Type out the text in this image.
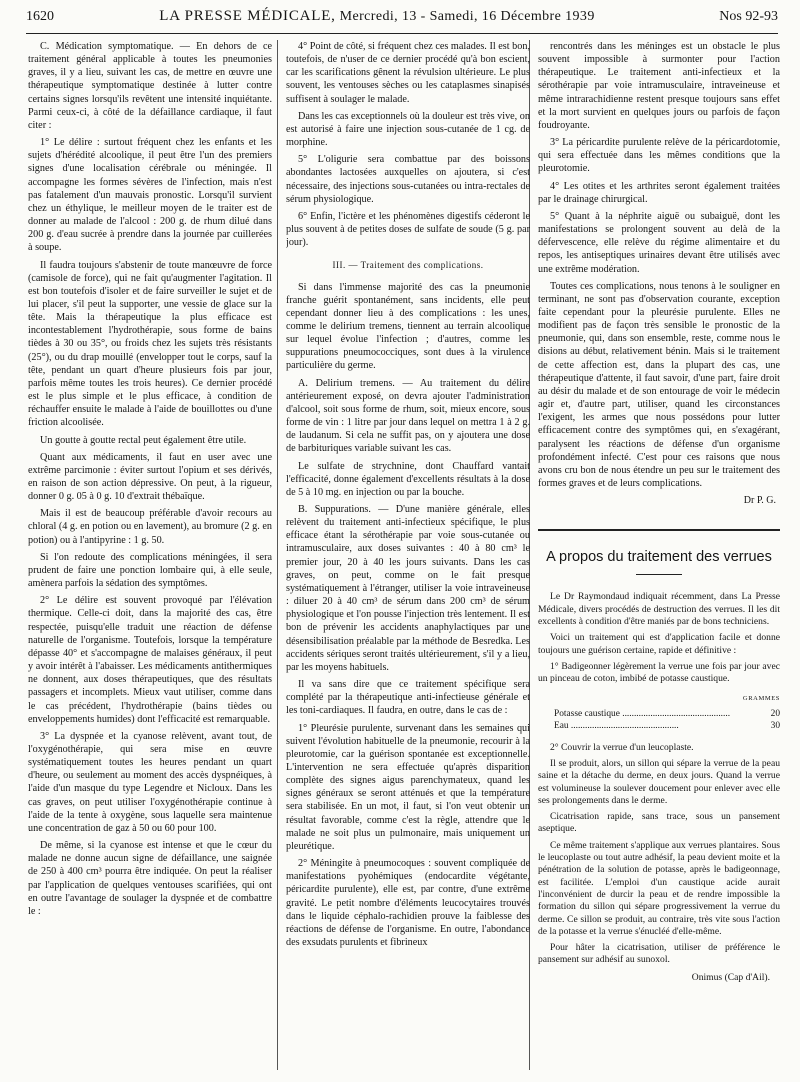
1620	LA PRESSE MÉDICALE, Mercredi, 13 - Samedi, 16 Décembre 1939	Nos 92-93

C. Médication symptomatique. — En dehors de ce traitement général applicable à toutes les pneumonies graves, il y a lieu, suivant les cas, de mettre en œuvre une thérapeutique symptomatique destinée à lutter contre certains signes lorsqu'ils revêtent une intensité inquiétante. Parmi ceux-ci, à côté de la défaillance cardiaque, il faut citer :

1° Le délire : surtout fréquent chez les enfants et les sujets d'hérédité alcoolique, il peut être l'un des premiers signes d'une localisation cérébrale ou méningée. Il accompagne les formes sévères de l'infection, mais n'est pas fatalement d'un mauvais pronostic. Lorsqu'il survient chez un éthylique, le meilleur moyen de le traiter est de donner au malade de l'alcool : 200 g. de rhum dilué dans 200 g. d'eau sucrée à prendre dans la journée par cuillerées à soupe.

Il faudra toujours s'abstenir de toute manœuvre de force (camisole de force), qui ne fait qu'augmenter l'agitation. Il est bon toutefois d'isoler et de faire surveiller le sujet et de lui placer, s'il peut la supporter, une vessie de glace sur la tête. Mais la thérapeutique la plus efficace est incontestablement l'hydrothérapie, sous forme de bains tièdes à 30 ou 35°, ou froids chez les sujets très résistants (25°), ou du drap mouillé (envelopper tout le corps, sauf la tête, pendant un quart d'heure plusieurs fois par jour, parfois même toutes les trois heures). Ce dernier procédé est le plus simple et le plus efficace, à condition de réchauffer ensuite le malade à l'aide de bouillottes ou d'une friction alcoolisée.

Un goutte à goutte rectal peut également être utile.

Quant aux médicaments, il faut en user avec une extrême parcimonie : éviter surtout l'opium et ses dérivés, en raison de son action dépressive. On peut, à la rigueur, donner 0 g. 05 à 0 g. 10 d'extrait thébaïque.

Mais il est de beaucoup préférable d'avoir recours au chloral (4 g. en potion ou en lavement), au bromure (2 g. en potion) ou à l'antipyrine : 1 g. 50.

Si l'on redoute des complications méningées, il sera prudent de faire une ponction lombaire qui, à elle seule, amènera parfois la sédation des symptômes.

2° Le délire est souvent provoqué par l'élévation thermique. Celle-ci doit, dans la majorité des cas, être respectée, puisqu'elle traduit une réaction de défense naturelle de l'organisme. Toutefois, lorsque la température dépasse 40° et s'accompagne de malaises généraux, il peut y avoir intérêt à l'abaisser. Les médicaments antithermiques ne donnent, aux doses thérapeutiques, que des résultats passagers et incomplets. Mieux vaut utiliser, comme dans le cas précédent, l'hydrothérapie (bains tièdes ou enveloppements humides) dont l'efficacité est remarquable.

3° La dyspnée et la cyanose relèvent, avant tout, de l'oxygénothérapie, qui sera mise en œuvre systématiquement toutes les heures pendant un quart d'heure, ou seulement au moment des accès dyspnéiques, à l'aide d'un masque du type Legendre et Nicloux. Dans les cas graves, on peut utiliser l'oxygénothérapie continue à l'aide de la tente à oxygène, sous laquelle sera maintenue une concentration de gaz à 50 ou 60 pour 100.

De même, si la cyanose est intense et que le cœur du malade ne donne aucun signe de défaillance, une saignée de 250 à 400 cm³ pourra être indiquée. On peut la réaliser par l'application de quelques ventouses scarifiées, qui ont en outre l'avantage de soulager la dyspnée et de combattre le :

4° Point de côté, si fréquent chez ces malades. Il est bon, toutefois, de n'user de ce dernier procédé qu'à bon escient, car les scarifications gênent la révulsion ultérieure. Le plus souvent, les ventouses sèches ou les cataplasmes sinapisés suffisent à soulager le malade.

Dans les cas exceptionnels où la douleur est très vive, on est autorisé à faire une injection sous-cutanée de 1 cg. de morphine.

5° L'oligurie sera combattue par des boissons abondantes lactosées auxquelles on ajoutera, si c'est nécessaire, des injections sous-cutanées ou intra-rectales de sérum physiologique.

6° Enfin, l'ictère et les phénomènes digestifs céderont le plus souvent à de petites doses de sulfate de soude (5 g. par jour).

III. — Traitement des complications.

Si dans l'immense majorité des cas la pneumonie franche guérit spontanément, sans incidents, elle peut cependant donner lieu à des complications : les unes, comme le delirium tremens, tiennent au terrain alcoolique sur lequel évolue l'infection ; d'autres, comme les suppurations pneumococciques, sont dues à la virulence particulière du germe.

A. Delirium tremens. — Au traitement du délire antérieurement exposé, on devra ajouter l'administration d'alcool, soit sous forme de rhum, soit, mieux encore, sous forme de vin : 1 litre par jour dans lequel on mettra 1 à 2 g. de laudanum. Si cela ne suffit pas, on y ajoutera une dose de barbituriques variable suivant les cas.

Le sulfate de strychnine, dont Chauffard vantait l'efficacité, donne également d'excellents résultats à la dose de 5 à 10 mg. en injection ou par la bouche.

B. Suppurations. — D'une manière générale, elles relèvent du traitement anti-infectieux spécifique, le plus efficace étant la sérothérapie par voie sous-cutanée ou intramusculaire, aux doses suivantes : 40 à 80 cm³ le premier jour, 20 à 40 les jours suivants. Dans les cas graves, on peut, comme on le fait presque systématiquement à l'étranger, utiliser la voie intraveineuse : diluer 20 à 40 cm³ de sérum dans 200 cm³ de sérum physiologique et l'on pousse l'injection très lentement. Il est bon de prévenir les accidents anaphylactiques par une désensibilisation préalable par la méthode de Besredka. Les accidents sériques seront traités ultérieurement, s'il y a lieu, par les moyens habituels.

Il va sans dire que ce traitement spécifique sera complété par la thérapeutique anti-infectieuse générale et les toni-cardiaques. Il faudra, en outre, dans le cas de :

1° Pleurésie purulente, survenant dans les semaines qui suivent l'évolution habituelle de la pneumonie, recourir à la pleurotomie, car la guérison spontanée est exceptionnelle. L'intervention ne sera effectuée qu'après disparition complète des signes aigus parenchymateux, quand les signes généraux se seront atténués et que la température sera stabilisée. En un mot, il faut, si l'on veut obtenir un résultat favorable, comme c'est la règle, attendre que le malade ne soit plus un pulmonaire, mais uniquement un pleurétique.

2° Méningite à pneumocoques : souvent compliquée de manifestations pyohémiques (endocardite végétante, péricardite purulente), elle est, par contre, d'une extrême gravité. Le petit nombre d'éléments leucocytaires trouvés dans le liquide céphalo-rachidien prouve la faiblesse des réactions de défense de l'organisme. En outre, l'abondance des exsudats purulents et fibrineux

rencontrés dans les méninges est un obstacle le plus souvent impossible à surmonter pour l'action thérapeutique. Le traitement anti-infectieux et la sérothérapie par voie intramusculaire, intraveineuse et même intrarachidienne restent presque toujours sans effet et la mort survient en quelques jours ou parfois de façon foudroyante.

3° La péricardite purulente relève de la péricardotomie, qui sera effectuée dans les mêmes conditions que la pleurotomie.

4° Les otites et les arthrites seront également traitées par le drainage chirurgical.

5° Quant à la néphrite aiguë ou subaiguë, dont les manifestations se prolongent souvent au delà de la défervescence, elle relève du régime alimentaire et du repos, les antiseptiques urinaires devant être utilisés avec une extrême modération.

Toutes ces complications, nous tenons à le souligner en terminant, ne sont pas d'observation courante, exception faite cependant pour la pleurésie purulente. Elles ne modifient pas de façon très sensible le pronostic de la pneumonie, qui, dans son ensemble, reste, comme nous le disions au début, relativement bénin. Mais si le traitement de cette affection est, dans la plupart des cas, une thérapeutique d'attente, il faut savoir, d'une part, faire droit au désir du malade et de son entourage de voir le médecin agir et, d'autre part, utiliser, quand les circonstances l'exigent, les armes que nous possédons pour lutter efficacement contre des symptômes qui, en s'exagérant, paralysent les réactions de défense d'un organisme profondément infecté. C'est pour ces raisons que nous avons cru bon de nous étendre un peu sur le traitement des formes graves et de leurs complications.

Dr P. G.
A propos du traitement des verrues

Le Dr Raymondaud indiquait récemment, dans La Presse Médicale, divers procédés de destruction des verrues. Il les dit excellents à condition d'être maniés par de bons techniciens.

Voici un traitement qui est d'application facile et donne toujours une guérison certaine, rapide et définitive :

1° Badigeonner légèrement la verrue une fois par jour avec un pinceau de coton, imbibé de potasse caustique.

GRAMMES
Potasse caustique .....	20
Eau .....	30

2° Couvrir la verrue d'un leucoplaste.

Il se produit, alors, un sillon qui sépare la verrue de la peau saine et la détache du derme, en deux jours. Quand la verrue est volumineuse la soulever doucement pour enlever avec elle ses prolongements dans le derme.

Cicatrisation rapide, sans trace, sous un pansement aseptique.

Ce même traitement s'applique aux verrues plantaires. Sous le leucoplaste ou tout autre adhésif, la peau devient moite et la pénétration de la solution de potasse, après le badigeonnage, est facilitée. L'emploi d'un caustique acide aurait l'inconvénient de durcir la peau et de rendre impossible la formation du sillon qui sépare progressivement la verrue du derme. Ce sillon se produit, au contraire, très vite sous l'action de la potasse et la verrue s'énucléé d'elle-même.

Pour hâter la cicatrisation, utiliser de préférence le pansement sur adhésif au sunoxol.

Onimus (Cap d'Ail).
